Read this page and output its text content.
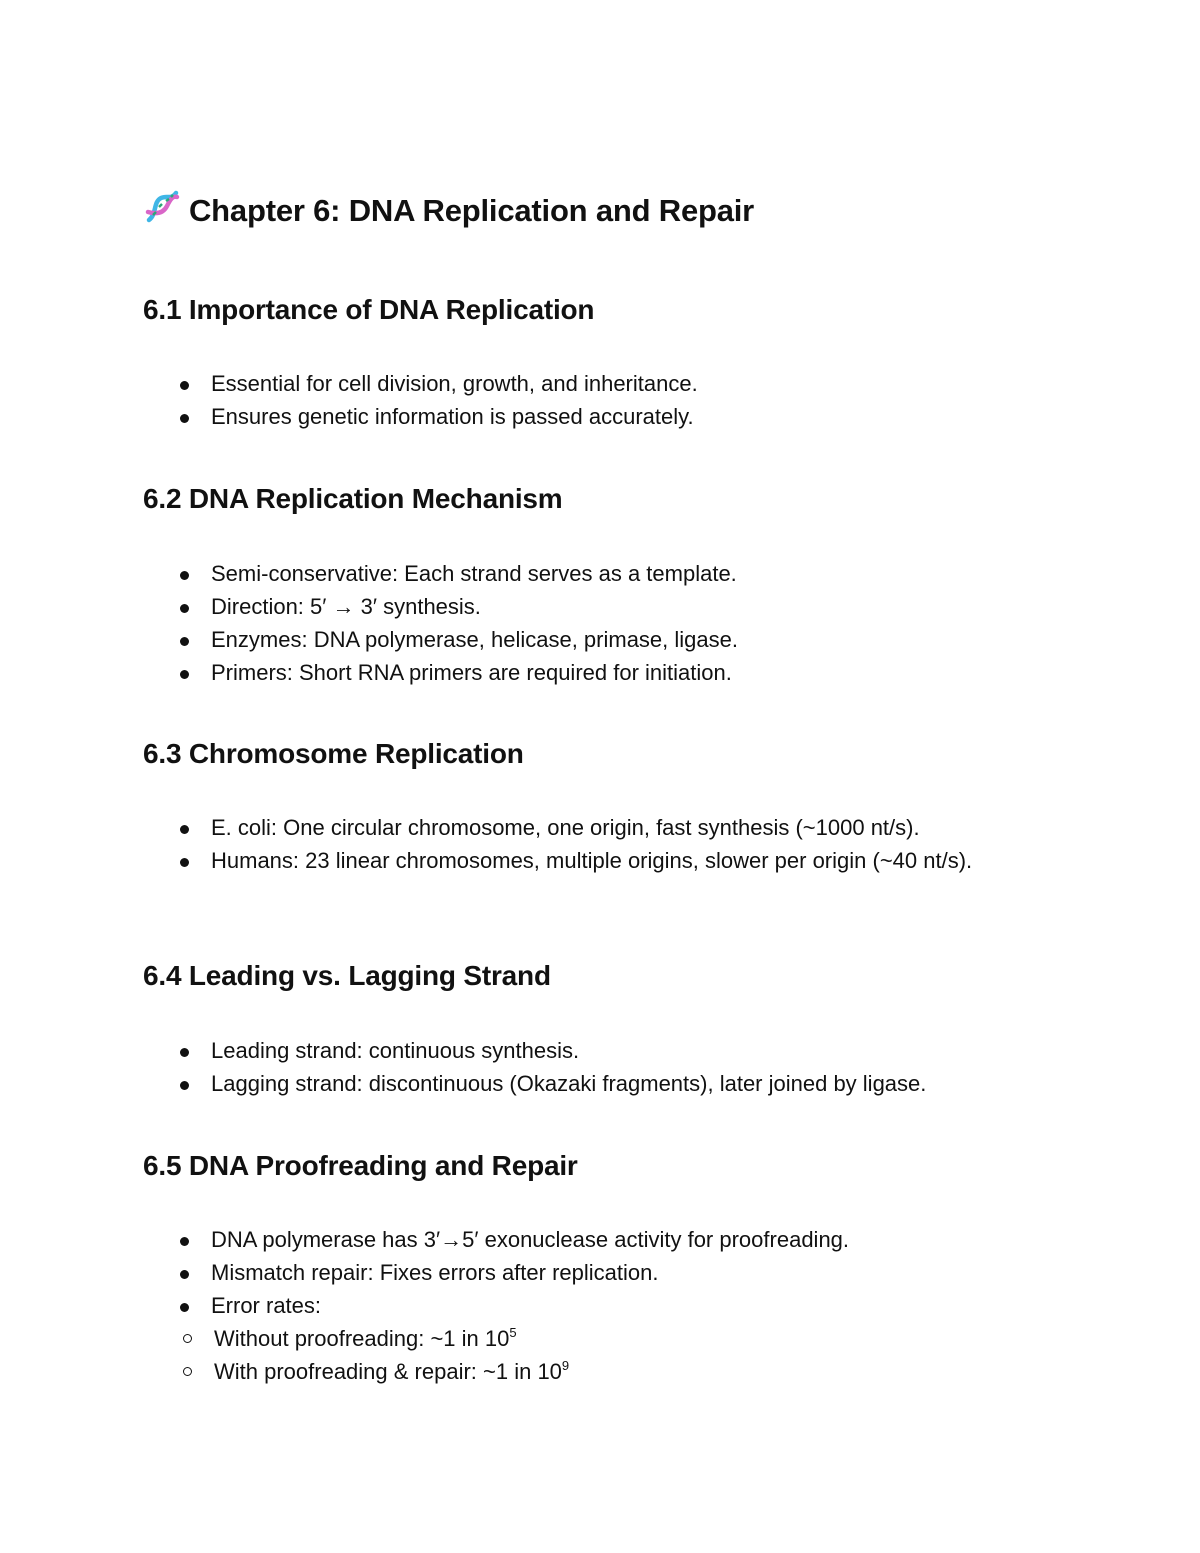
Chapter 6: DNA Replication and Repair
6.1 Importance of DNA Replication
Essential for cell division, growth, and inheritance.
Ensures genetic information is passed accurately.
6.2 DNA Replication Mechanism
Semi-conservative: Each strand serves as a template.
Direction: 5′ → 3′ synthesis.
Enzymes: DNA polymerase, helicase, primase, ligase.
Primers: Short RNA primers are required for initiation.
6.3 Chromosome Replication
E. coli: One circular chromosome, one origin, fast synthesis (~1000 nt/s).
Humans: 23 linear chromosomes, multiple origins, slower per origin (~40 nt/s).
6.4 Leading vs. Lagging Strand
Leading strand: continuous synthesis.
Lagging strand: discontinuous (Okazaki fragments), later joined by ligase.
6.5 DNA Proofreading and Repair
DNA polymerase has 3′→5′ exonuclease activity for proofreading.
Mismatch repair: Fixes errors after replication.
Error rates:
Without proofreading: ~1 in $10^5$
With proofreading & repair: ~1 in $10^9$
